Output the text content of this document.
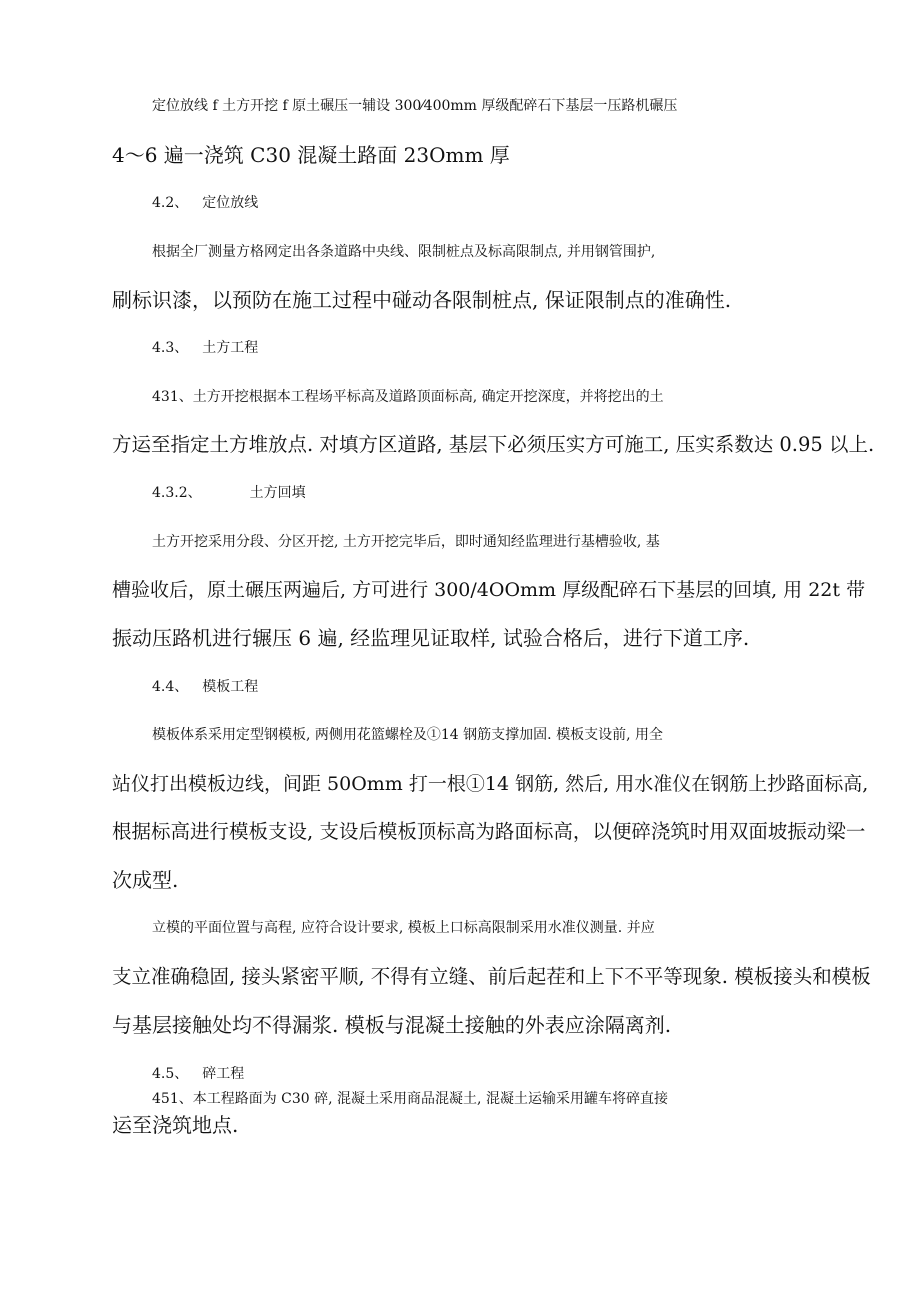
定位放线 f 土方开挖 f 原土碾压一辅设 300⁄400mm 厚级配碎石下基层一压路机碾压
4～6 遍一浇筑 C30 混凝土路面 23Omm 厚
4.2、 定位放线
根据全厂测量方格网定出各条道路中央线、限制桩点及标高限制点, 并用钢管围护,
刷标识漆，以预防在施工过程中碰动各限制桩点, 保证限制点的准确性.
4.3、 土方工程
431、土方开挖根据本工程场平标高及道路顶面标高, 确定开挖深度，并将挖出的土
方运至指定土方堆放点. 对填方区道路, 基层下必须压实方可施工, 压实系数达 0.95 以上.
4.3.2、	土方回填
土方开挖采用分段、分区开挖, 土方开挖完毕后，即时通知经监理进行基槽验收, 基
槽验收后，原土碾压两遍后, 方可进行 300/4OOmm 厚级配碎石下基层的回填, 用 22t 带
振动压路机进行辗压 6 遍, 经监理见证取样, 试验合格后，进行下道工序.
4.4、 模板工程
模板体系采用定型钢模板, 两侧用花篮螺栓及①14 钢筋支撑加固. 模板支设前, 用全
站仪打出模板边线，间距 50Omm 打一根①14 钢筋, 然后, 用水准仪在钢筋上抄路面标高,
根据标高进行模板支设, 支设后模板顶标高为路面标高，以便碎浇筑时用双面坡振动梁一
次成型.
立模的平面位置与高程, 应符合设计要求, 模板上口标高限制采用水准仪测量. 并应
支立准确稳固, 接头紧密平顺, 不得有立缝、前后起茬和上下不平等现象. 模板接头和模板
与基层接触处均不得漏浆. 模板与混凝土接触的外表应涂隔离剂.
4.5、 碎工程
451、本工程路面为 C30 碎, 混凝土采用商品混凝土, 混凝土运输采用罐车将碎直接
运至浇筑地点.
